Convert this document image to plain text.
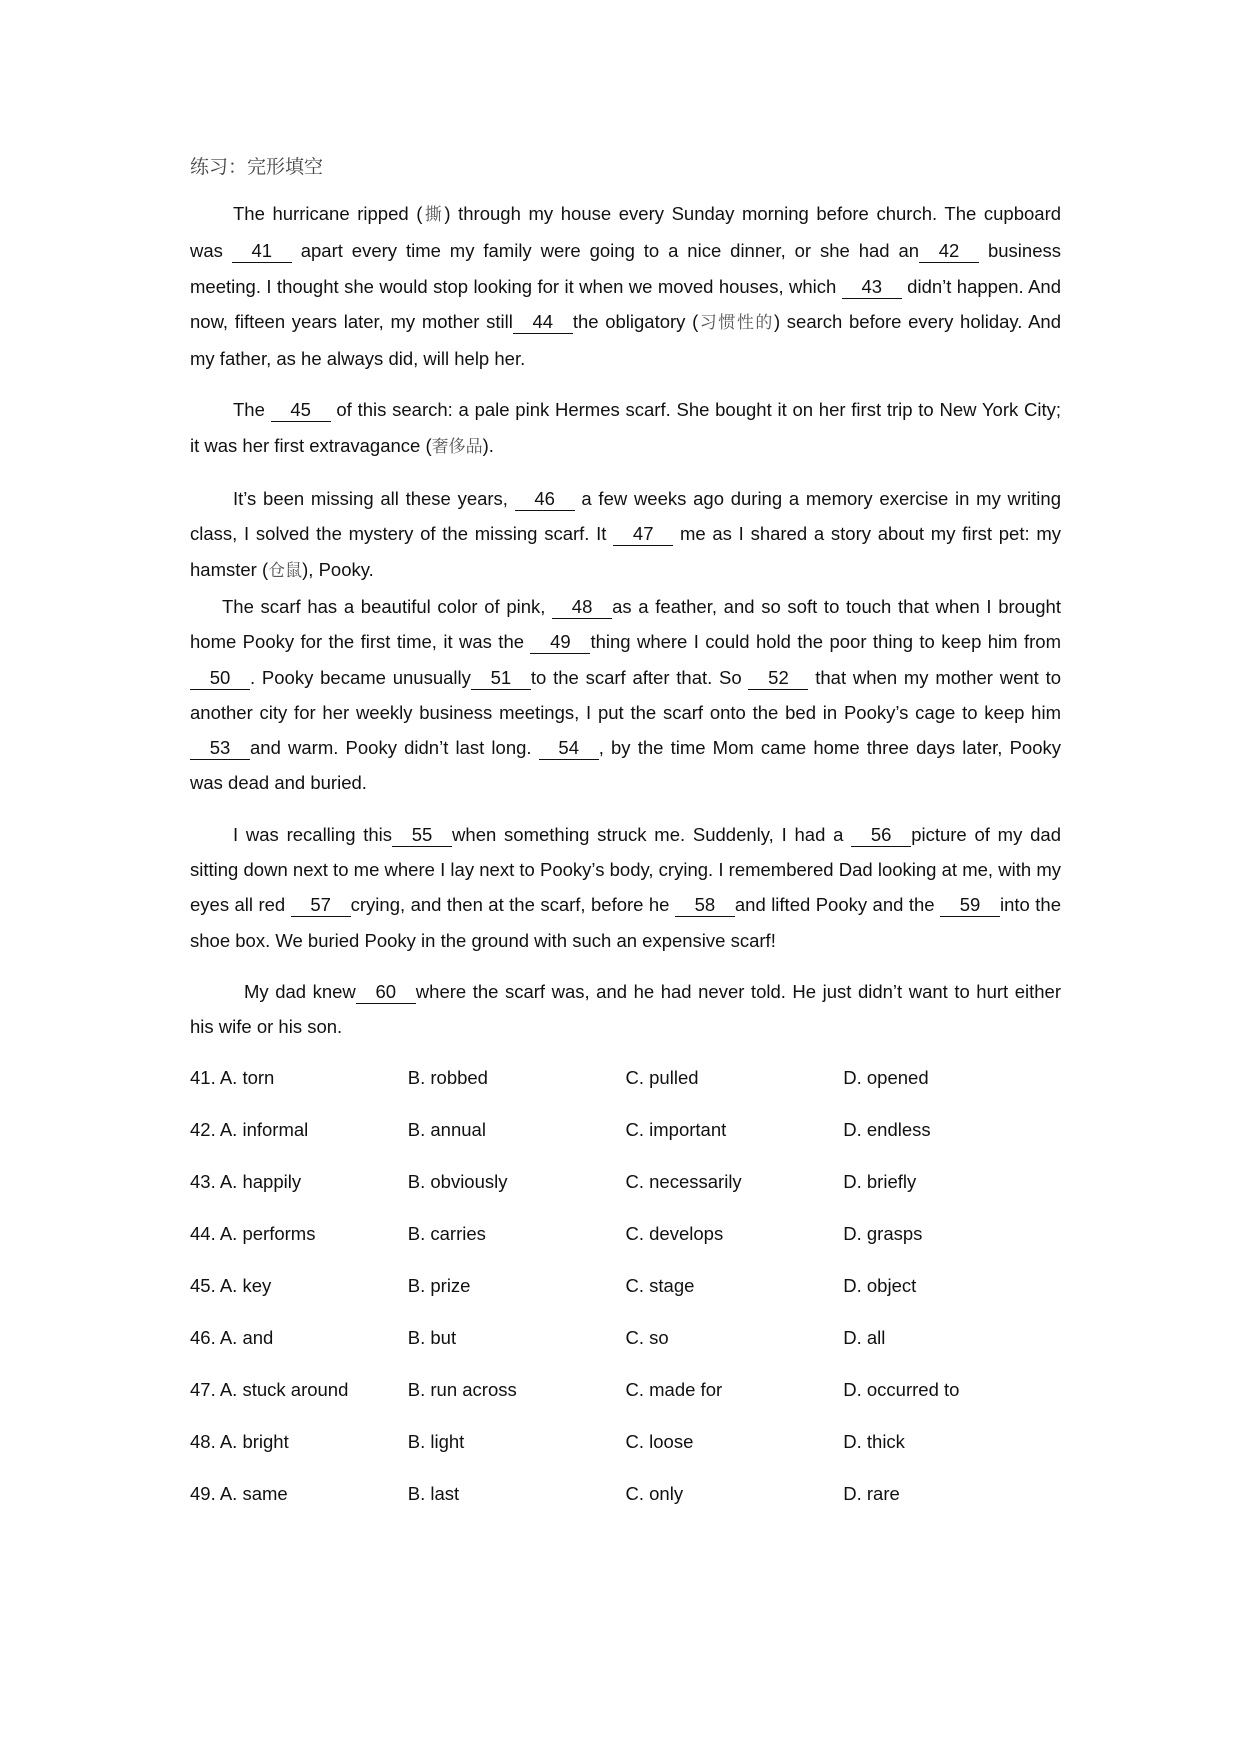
练习：完形填空

The hurricane ripped (撕) through my house every Sunday morning before church. The cupboard was 41 apart every time my family were going to a nice dinner, or she had an 42 business meeting. I thought she would stop looking for it when we moved houses, which 43 didn’t happen. And now, fifteen years later, my mother still 44 the obligatory (习惯性的) search before every holiday. And my father, as he always did, will help her.

The 45 of this search: a pale pink Hermes scarf. She bought it on her first trip to New York City; it was her first extravagance (奢侈品).

It’s been missing all these years, 46 a few weeks ago during a memory exercise in my writing class, I solved the mystery of the missing scarf. It 47 me as I shared a story about my first pet: my hamster (仓鼠), Pooky.

The scarf has a beautiful color of pink, 48 as a feather, and so soft to touch that when I brought home Pooky for the first time, it was the 49 thing where I could hold the poor thing to keep him from 50 . Pooky became unusually 51 to the scarf after that. So 52 that when my mother went to another city for her weekly business meetings, I put the scarf onto the bed in Pooky’s cage to keep him 53 and warm. Pooky didn’t last long. 54 , by the time Mom came home three days later, Pooky was dead and buried.

I was recalling this 55 when something struck me. Suddenly, I had a 56 picture of my dad sitting down next to me where I lay next to Pooky’s body, crying. I remembered Dad looking at me, with my eyes all red 57 crying, and then at the scarf, before he 58 and lifted Pooky and the 59 into the shoe box. We buried Pooky in the ground with such an expensive scarf!

My dad knew 60 where the scarf was, and he had never told. He just didn’t want to hurt either his wife or his son.

41. A. torn	B. robbed	C. pulled	D. opened
42. A. informal	B. annual	C. important	D. endless
43. A. happily	B. obviously	C. necessarily	D. briefly
44. A. performs	B. carries	C. develops	D. grasps
45. A. key	B. prize	C. stage	D. object
46. A. and	B. but	C. so	D. all
47. A. stuck around	B. run across	C. made for	D. occurred to
48. A. bright	B. light	C. loose	D. thick
49. A. same	B. last	C. only	D. rare
